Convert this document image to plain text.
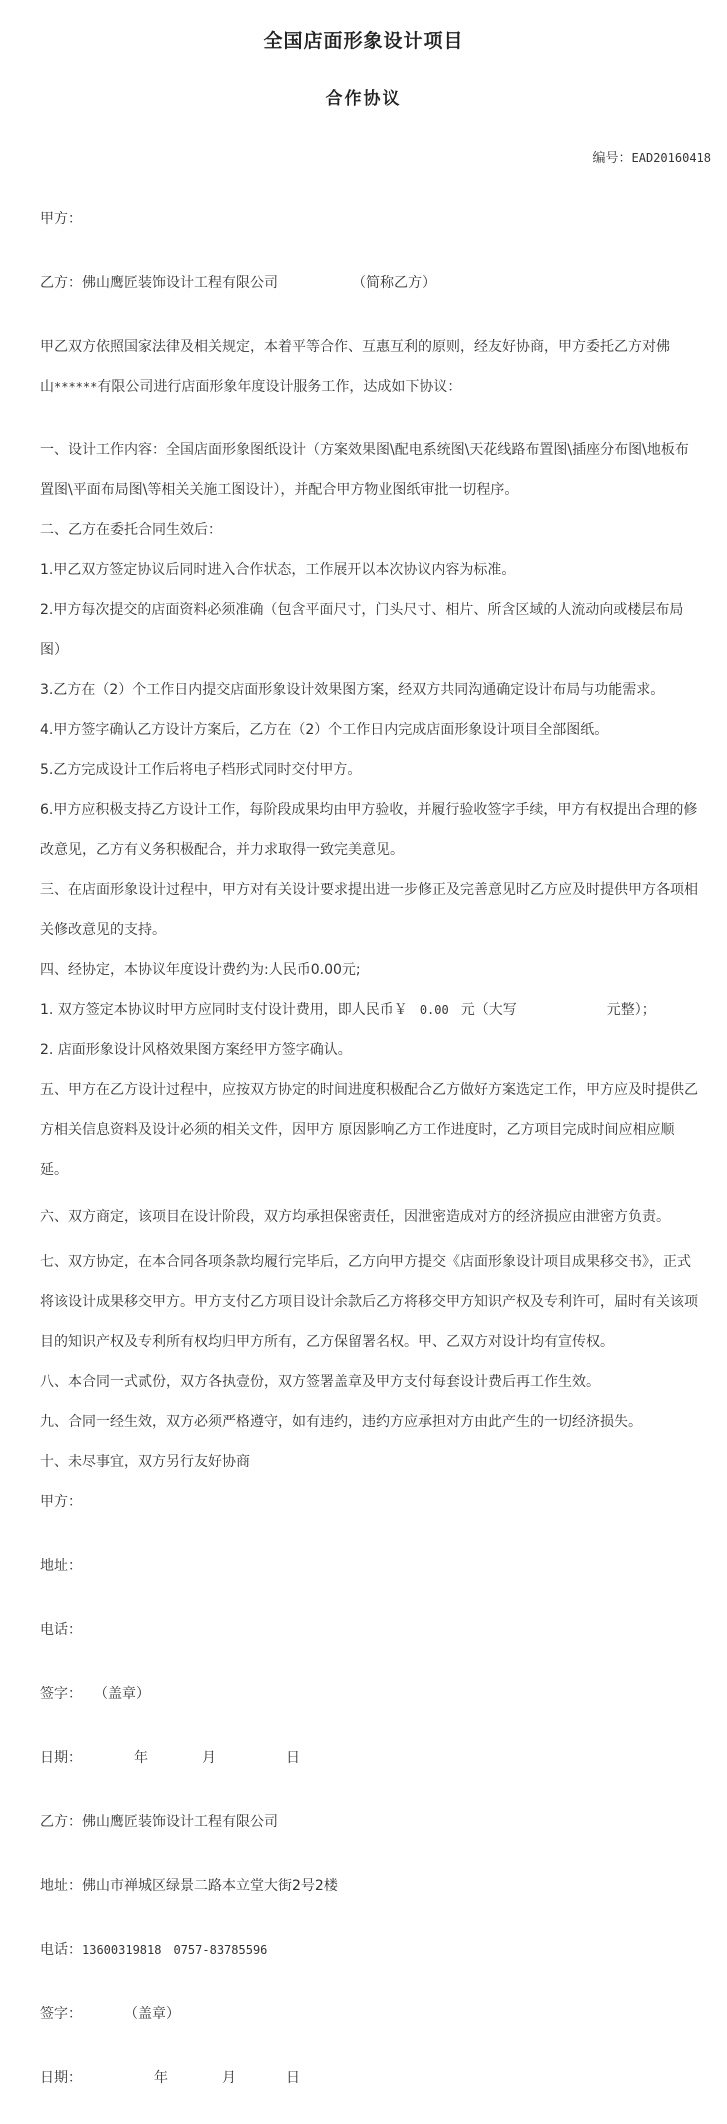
全国店面形象设计项目
合作协议
编号：EAD20160418
甲方：
乙方：佛山鹰匠装饰设计工程有限公司	（简称乙方）
甲乙双方依照国家法律及相关规定，本着平等合作、互惠互利的原则，经友好协商，甲方委托乙方对佛
山******有限公司进行店面形象年度设计服务工作，达成如下协议：
一、设计工作内容：全国店面形象图纸设计（方案效果图\配电系统图\天花线路布置图\插座分布图\地板布
置图\平面布局图\等相关关施工图设计），并配合甲方物业图纸审批一切程序。
二、乙方在委托合同生效后：
1.甲乙双方签定协议后同时进入合作状态，工作展开以本次协议内容为标准。
2.甲方每次提交的店面资料必须准确（包含平面尺寸，门头尺寸、相片、所含区域的人流动向或楼层布局
图）
3.乙方在（2）个工作日内提交店面形象设计效果图方案，经双方共同沟通确定设计布局与功能需求。
4.甲方签字确认乙方设计方案后，乙方在（2）个工作日内完成店面形象设计项目全部图纸。
5.乙方完成设计工作后将电子档形式同时交付甲方。
6.甲方应积极支持乙方设计工作，每阶段成果均由甲方验收，并履行验收签字手续，甲方有权提出合理的修
改意见，乙方有义务积极配合，并力求取得一致完美意见。
三、在店面形象设计过程中，甲方对有关设计要求提出进一步修正及完善意见时乙方应及时提供甲方各项相
关修改意见的支持。
四、经协定，本协议年度设计费约为:人民币0.00元;
1. 双方签定本协议时甲方应同时支付设计费用，即人民币￥ 0.00 元（大写	元整）；
2. 店面形象设计风格效果图方案经甲方签字确认。
五、甲方在乙方设计过程中，应按双方协定的时间进度积极配合乙方做好方案选定工作，甲方应及时提供乙
方相关信息资料及设计必须的相关文件，因甲方 原因影响乙方工作进度时，乙方项目完成时间应相应顺
延。
六、双方商定，该项目在设计阶段，双方均承担保密责任，因泄密造成对方的经济损应由泄密方负责。
七、双方协定，在本合同各项条款均履行完毕后，乙方向甲方提交《店面形象设计项目成果移交书》，正式
将该设计成果移交甲方。甲方支付乙方项目设计余款后乙方将移交甲方知识产权及专利许可，届时有关该项
目的知识产权及专利所有权均归甲方所有，乙方保留署名权。甲、乙双方对设计均有宣传权。
八、本合同一式贰份，双方各执壹份，双方签署盖章及甲方支付每套设计费后再工作生效。
九、合同一经生效，双方必须严格遵守，如有违约，违约方应承担对方由此产生的一切经济损失。
十、未尽事宜，双方另行友好协商
甲方：
地址：
电话：
签字： （盖章）
日期：	年	月	日
乙方：佛山鹰匠装饰设计工程有限公司
地址：佛山市禅城区绿景二路本立堂大街2号2楼
电话：13600319818 0757-83785596
签字：	（盖章）
日期：	年	月	日
